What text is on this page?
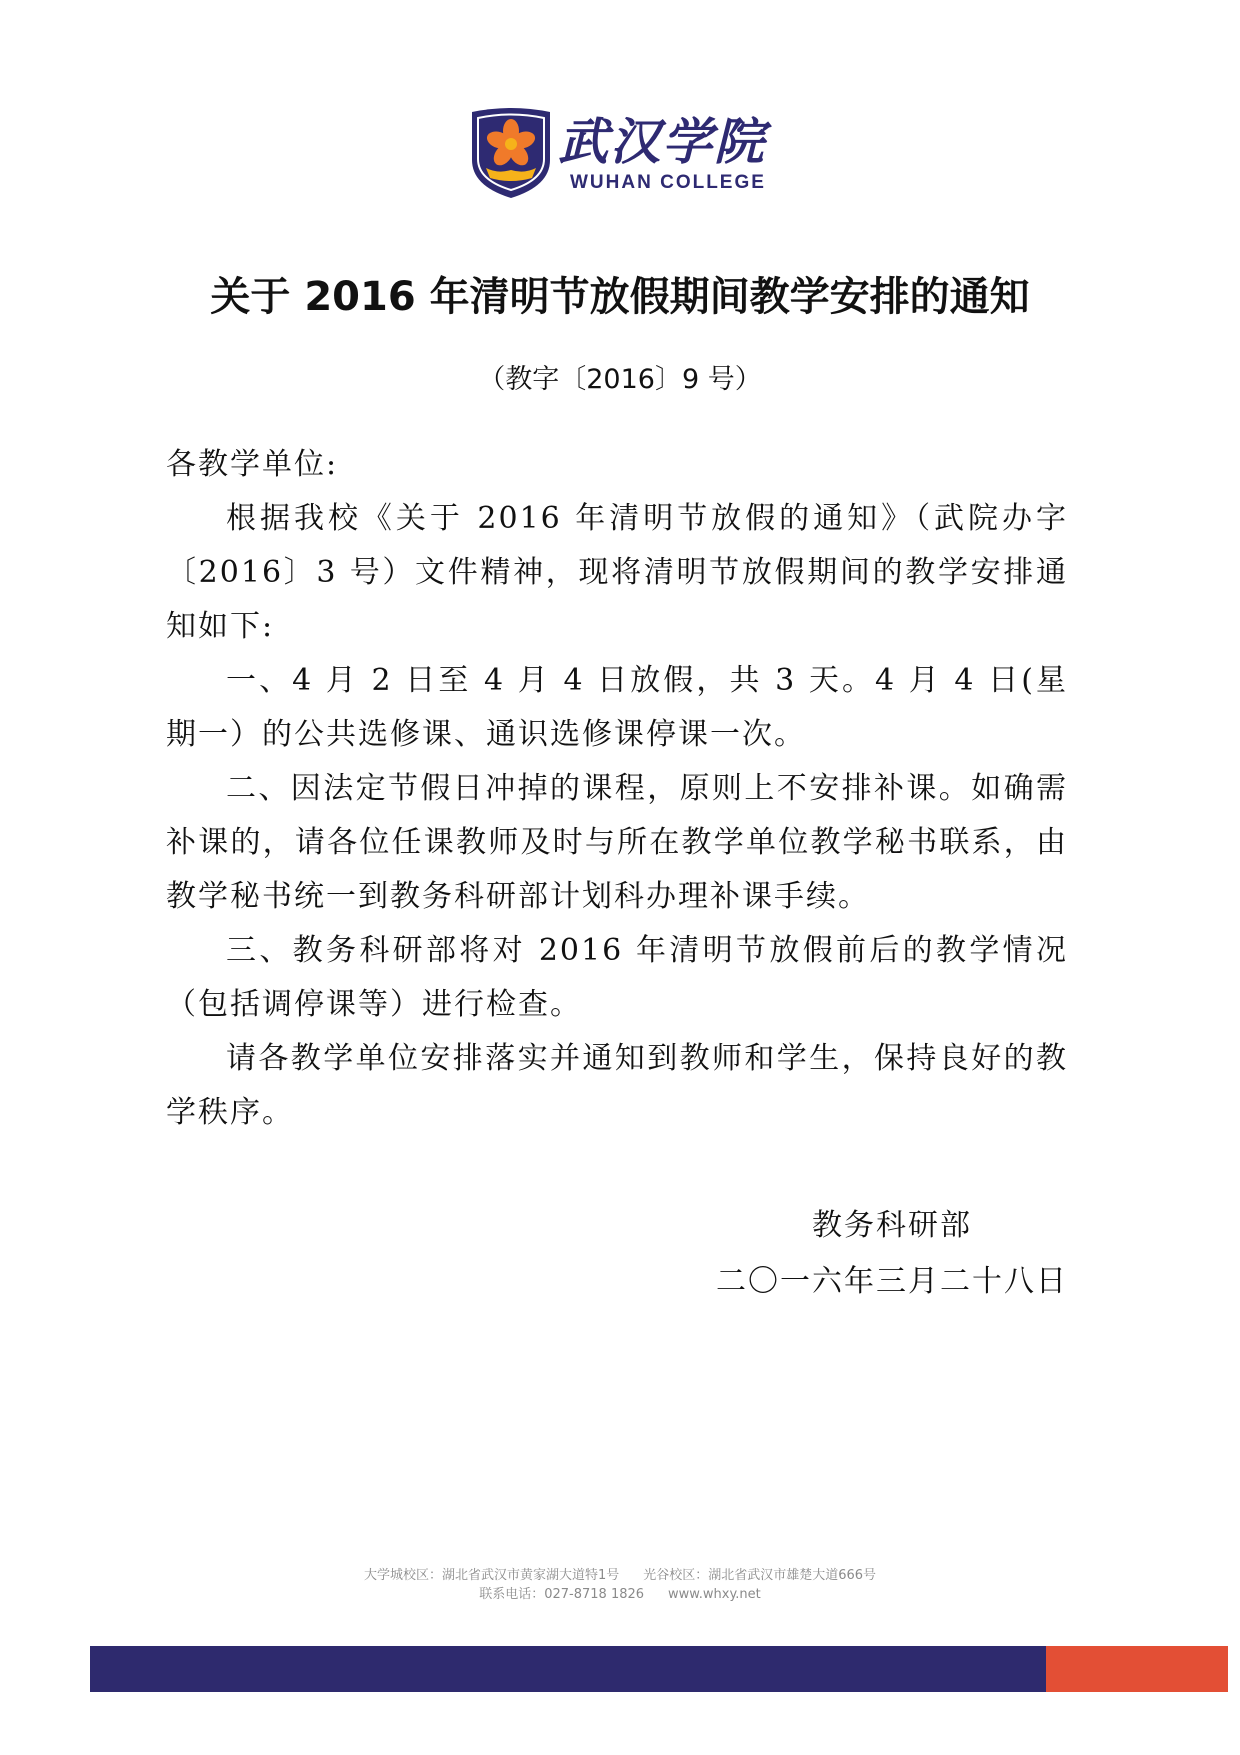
武汉学院
WUHAN COLLEGE
关于 2016 年清明节放假期间教学安排的通知
（教字〔2016〕9 号）

各教学单位:

根据我校《关于 2016 年清明节放假的通知》（武院办字〔2016〕3 号）文件精神，现将清明节放假期间的教学安排通知如下:

一、4 月 2 日至 4 月 4 日放假，共 3 天。4 月 4 日(星期一）的公共选修课、通识选修课停课一次。

二、因法定节假日冲掉的课程，原则上不安排补课。如确需补课的，请各位任课教师及时与所在教学单位教学秘书联系，由教学秘书统一到教务科研部计划科办理补课手续。

三、教务科研部将对 2016 年清明节放假前后的教学情况（包括调停课等）进行检查。

请各教学单位安排落实并通知到教师和学生，保持良好的教学秩序。

教务科研部
二〇一六年三月二十八日
大学城校区：湖北省武汉市黄家湖大道特1号 光谷校区：湖北省武汉市雄楚大道666号
联系电话：027-8718 1826 www.whxy.net
